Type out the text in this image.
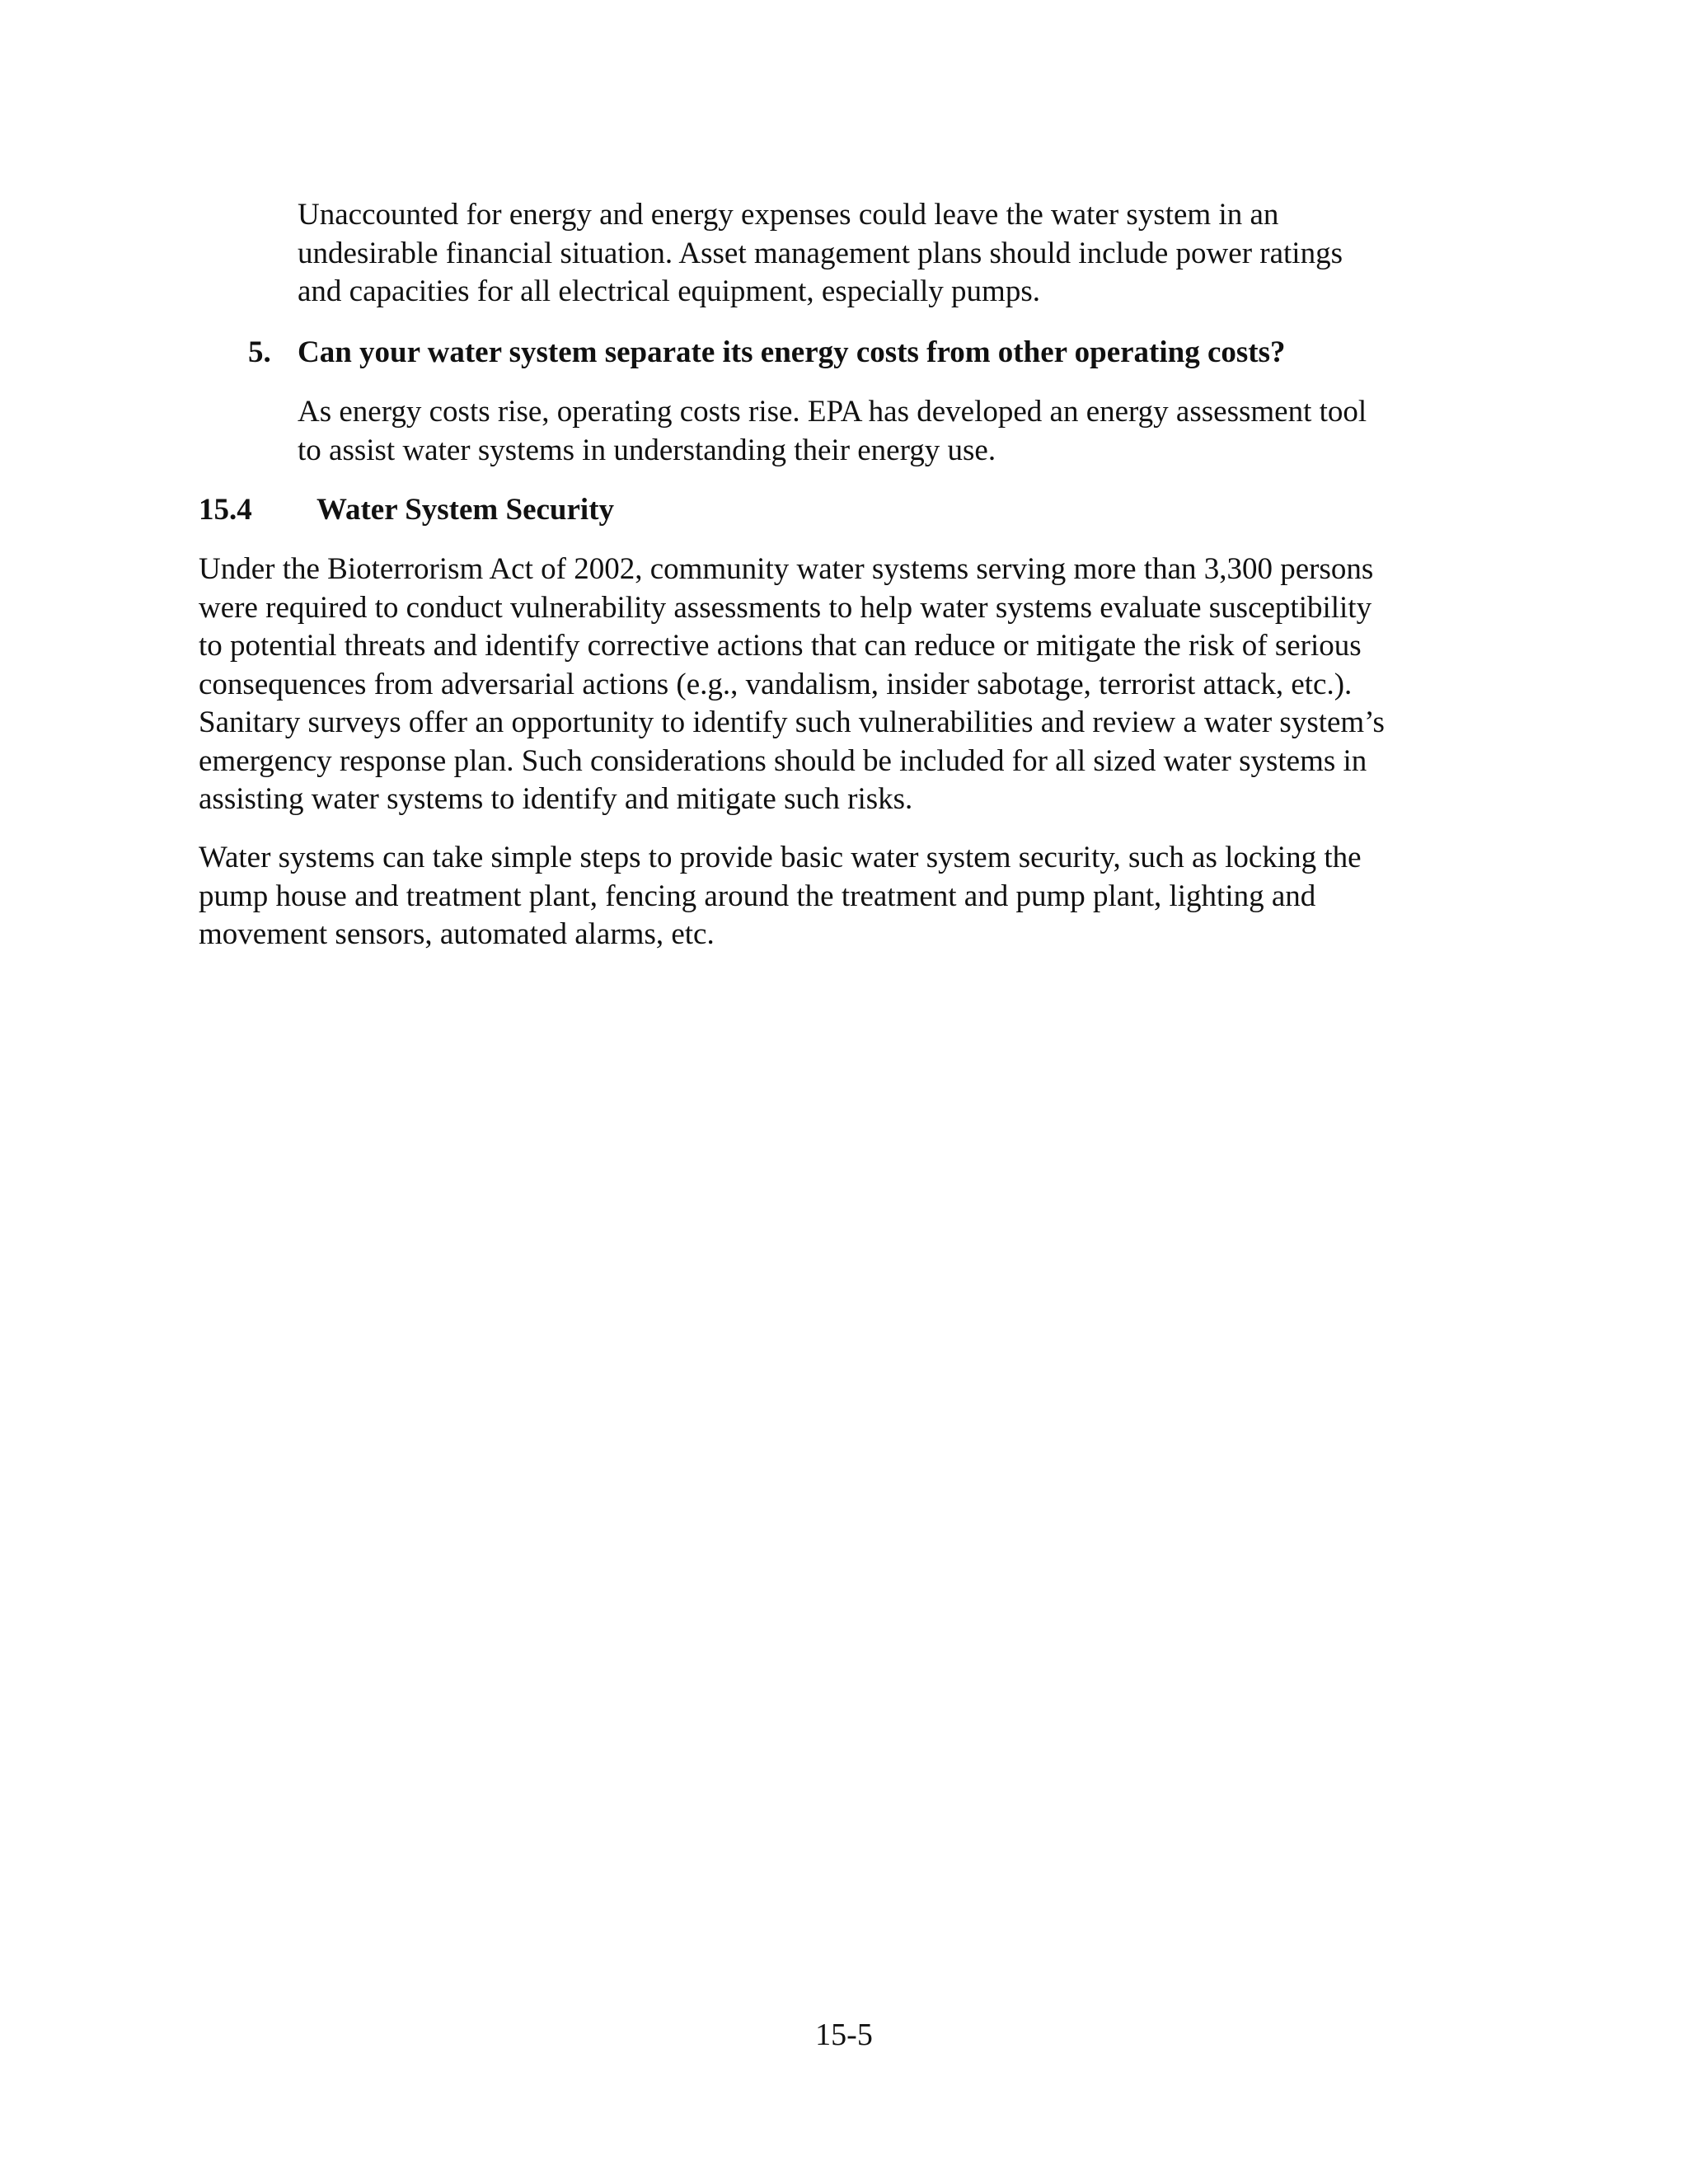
Unaccounted for energy and energy expenses could leave the water system in an
undesirable financial situation. Asset management plans should include power ratings
and capacities for all electrical equipment, especially pumps.
5. Can your water system separate its energy costs from other operating costs?
As energy costs rise, operating costs rise. EPA has developed an energy assessment tool
to assist water systems in understanding their energy use.
15.4 Water System Security
Under the Bioterrorism Act of 2002, community water systems serving more than 3,300 persons
were required to conduct vulnerability assessments to help water systems evaluate susceptibility
to potential threats and identify corrective actions that can reduce or mitigate the risk of serious
consequences from adversarial actions (e.g., vandalism, insider sabotage, terrorist attack, etc.).
Sanitary surveys offer an opportunity to identify such vulnerabilities and review a water system’s
emergency response plan. Such considerations should be included for all sized water systems in
assisting water systems to identify and mitigate such risks.
Water systems can take simple steps to provide basic water system security, such as locking the
pump house and treatment plant, fencing around the treatment and pump plant, lighting and
movement sensors, automated alarms, etc.
15-5
